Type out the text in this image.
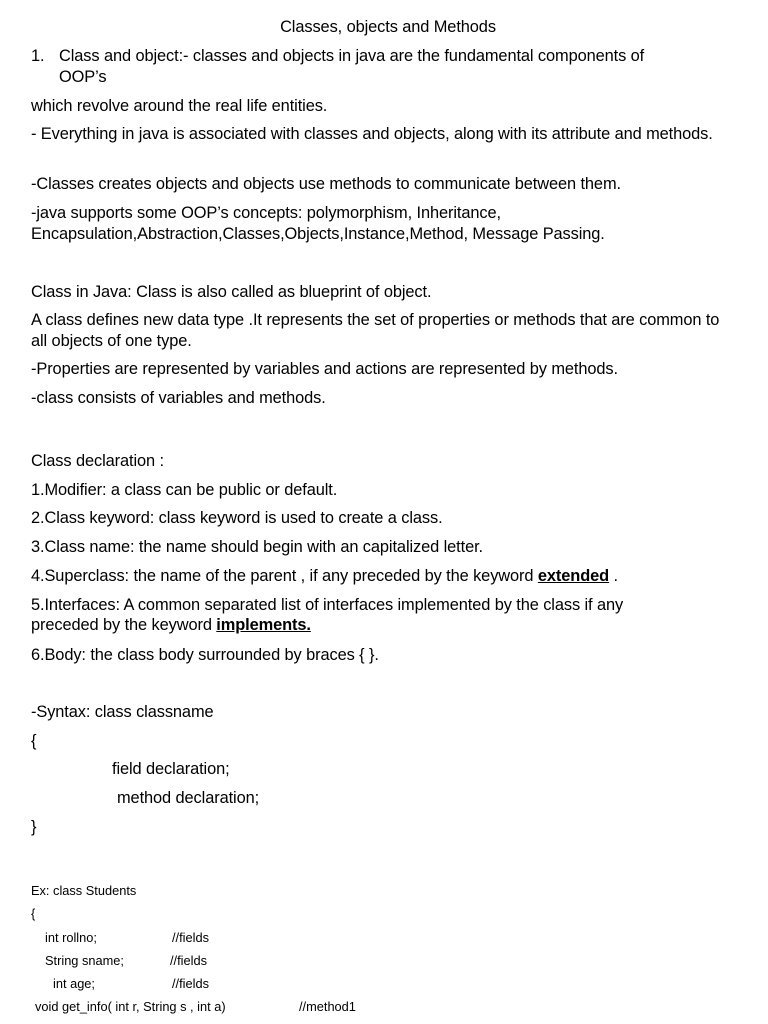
Classes, objects and Methods
1. Class and object:- classes and objects in java are the fundamental components of
OOP’s
which revolve around the real life entities.
- Everything in java is associated with classes and objects, along with its attribute and methods.
-Classes creates objects and objects use methods to communicate between them.
-java supports some OOP’s concepts: polymorphism, Inheritance, Encapsulation,Abstraction,Classes,Objects,Instance,Method, Message Passing.
Class in Java: Class is also called as blueprint of object.
A class defines new data type .It represents the set of properties or methods that are common to all objects of one type.
-Properties are represented by variables and actions are represented by methods.
-class consists of variables and methods.
Class declaration :
1.Modifier: a class can be public or default.
2.Class keyword: class keyword is used to create a class.
3.Class name: the name should begin with an capitalized letter.
4.Superclass: the name of the parent , if any preceded by the keyword extended .
5.Interfaces: A common separated list of interfaces implemented by the class if any
preceded by the keyword implements.
6.Body: the class body surrounded by braces { }.
-Syntax: class classname
{
field declaration;
method declaration;
}
Ex: class Students
{
int rollno;	//fields
String sname;	//fields
int age;	//fields
void get_info( int r, String s , int a)	//method1
